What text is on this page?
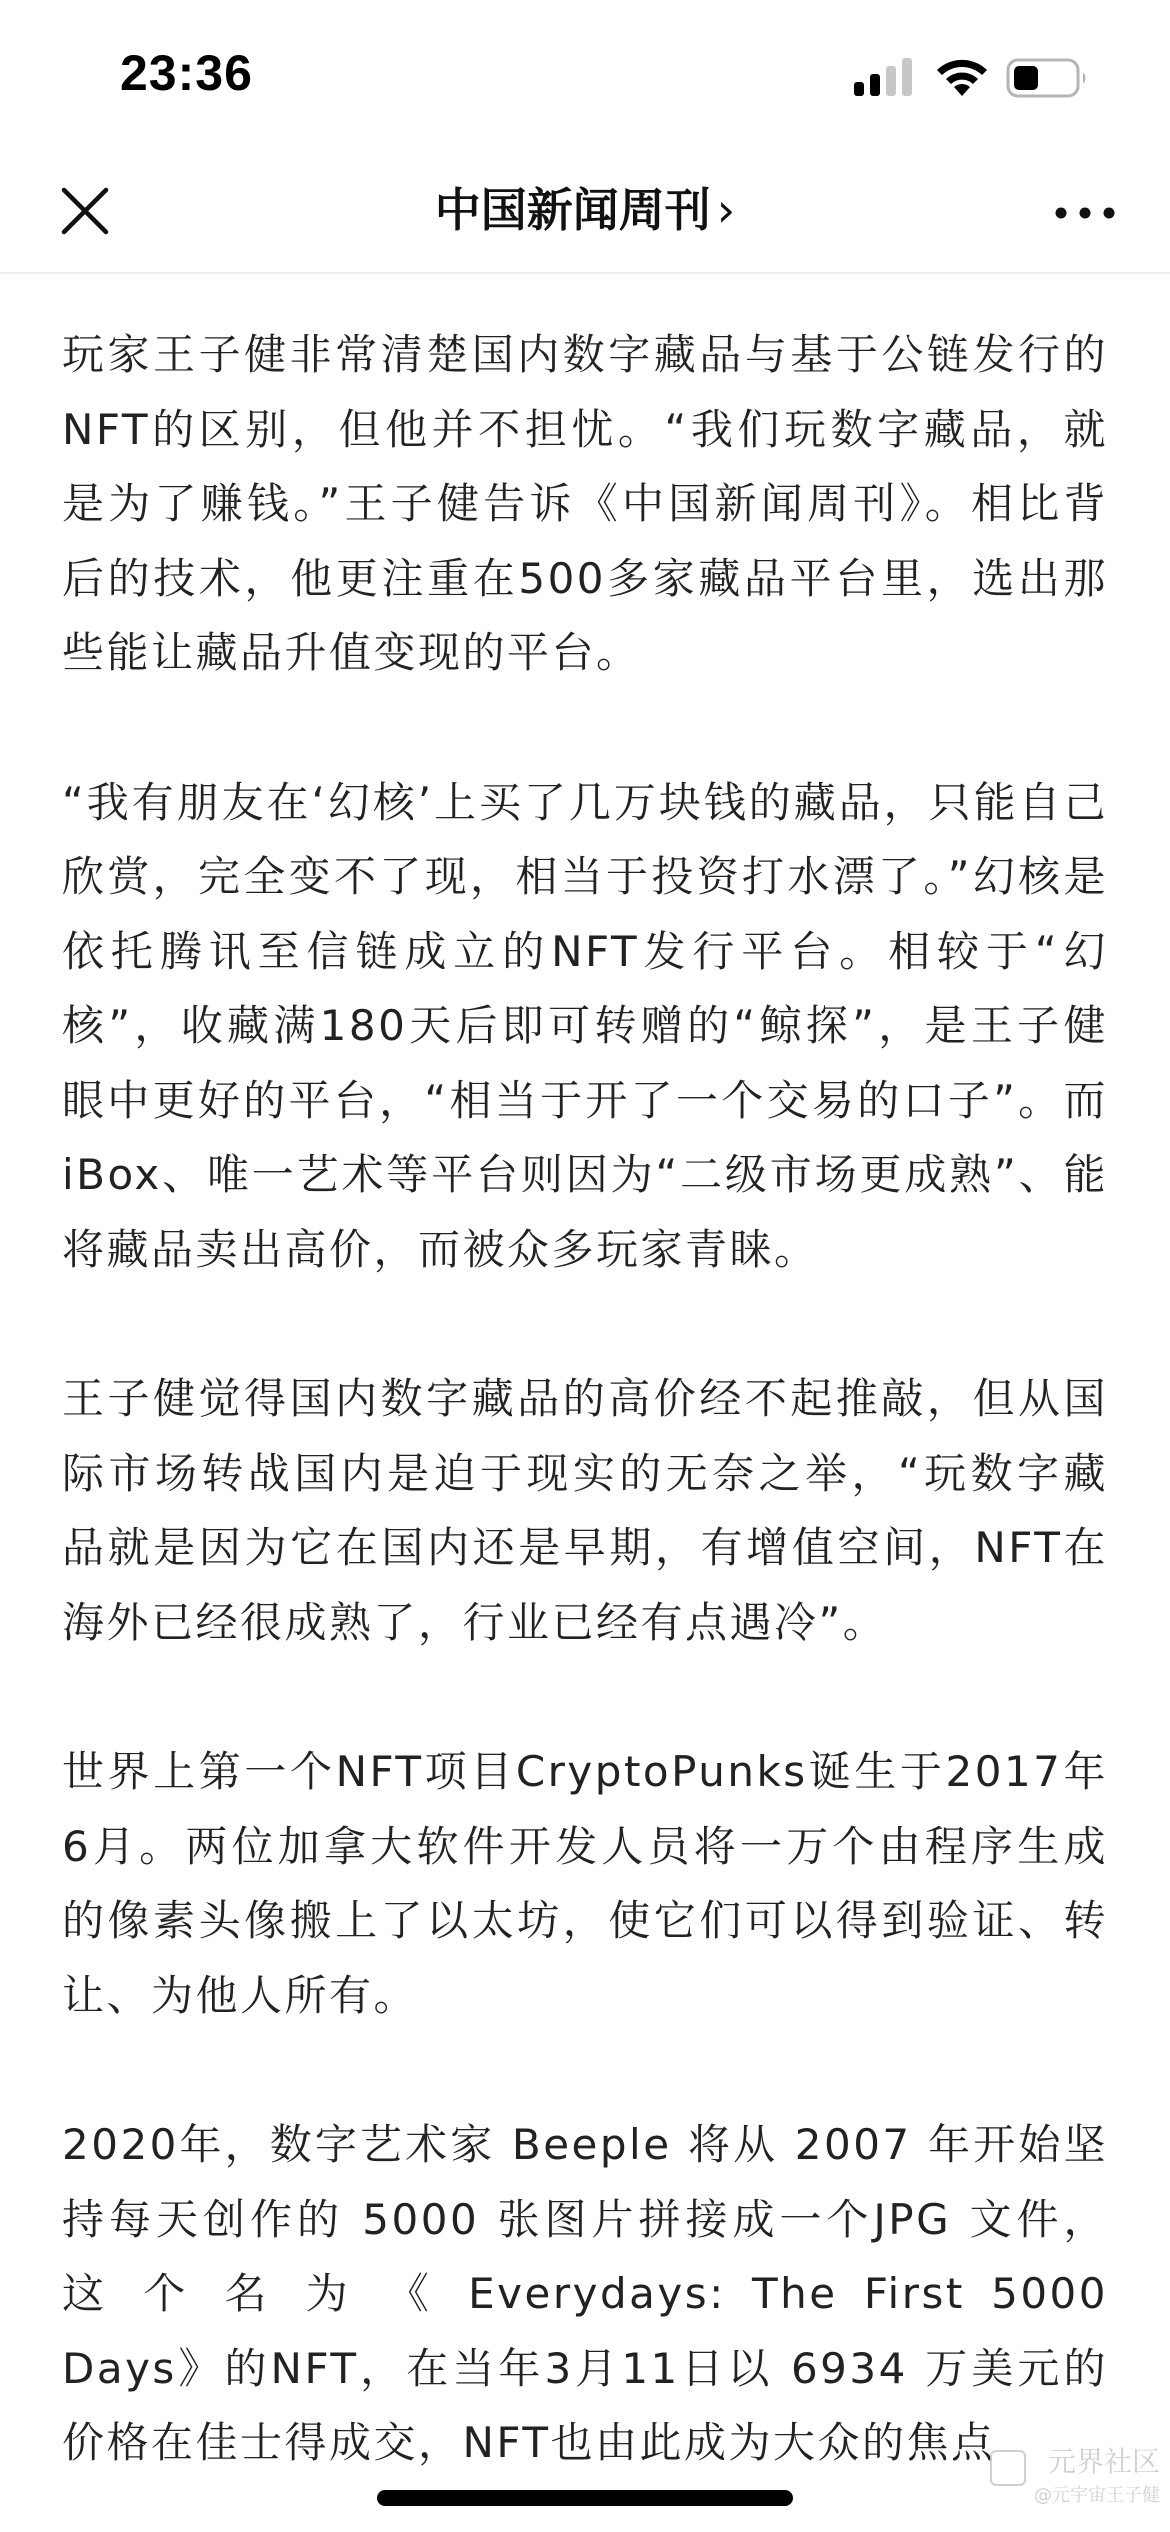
23:36
中国新闻周刊 ›

玩家王子健非常清楚国内数字藏品与基于公链发行的NFT的区别，但他并不担忧。“我们玩数字藏品，就是为了赚钱。”王子健告诉《中国新闻周刊》。相比背后的技术，他更注重在500多家藏品平台里，选出那些能让藏品升值变现的平台。

“我有朋友在‘幻核’上买了几万块钱的藏品，只能自己欣赏，完全变不了现，相当于投资打水漂了。”幻核是依托腾讯至信链成立的NFT发行平台。相较于“幻核”，收藏满180天后即可转赠的“鲸探”，是王子健眼中更好的平台，“相当于开了一个交易的口子”。而iBox、唯一艺术等平台则因为“二级市场更成熟”、能将藏品卖出高价，而被众多玩家青睐。

王子健觉得国内数字藏品的高价经不起推敲，但从国际市场转战国内是迫于现实的无奈之举，“玩数字藏品就是因为它在国内还是早期，有增值空间，NFT在海外已经很成熟了，行业已经有点遇冷”。

世界上第一个NFT项目CryptoPunks诞生于2017年6月。两位加拿大软件开发人员将一万个由程序生成的像素头像搬上了以太坊，使它们可以得到验证、转让、为他人所有。

2020年，数字艺术家 Beeple 将从 2007 年开始坚持每天创作的 5000 张图片拼接成一个JPG 文件， 这 个 名 为 《 Everydays: The First 5000 Days》的NFT，在当年3月11日以 6934 万美元的价格在佳士得成交，NFT也由此成为大众的焦点	元界社区
@元宇宙王子健
